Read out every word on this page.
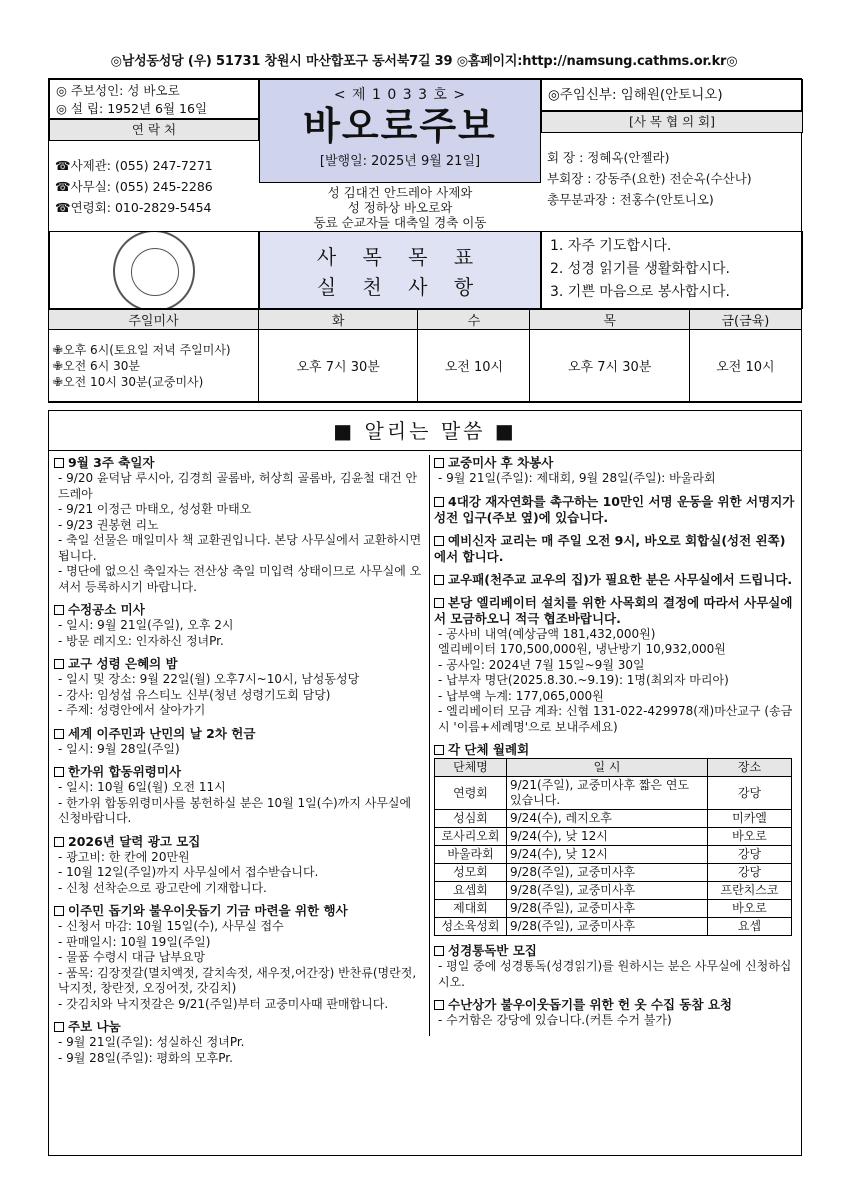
◎남성동성당 (우) 51731 창원시 마산합포구 동서북7길 39 ◎홈페이지:http://namsung.cathms.or.kr◎
◎ 주보성인: 성 바오로
◎ 설 립: 1952년 6월 16일
연 락 처
☎사제관: (055) 247-7271
☎사무실: (055) 245-2286
☎연령회: 010-2829-5454
< 제 1 0 3 3 호 >
바오로주보
[발행일: 2025년 9월 21일]
성 김대건 안드레아 사제와
성 정하상 바오로와
동료 순교자들 대축일 경축 이동
◎주임신부: 임해원(안토니오)
[사 목 협 의 회]
회 장 : 정혜옥(안젤라)
부회장 : 강동주(요한) 전순옥(수산나)
총무분과장 : 전홍수(안토니오)
사 목 목 표
실 천 사 항
1. 자주 기도합시다.
2. 성경 읽기를 생활화합시다.
3. 기쁜 마음으로 봉사합시다.
주일미사	화	수	목	금(금육)

✙오후 6시(토요일 저녁 주일미사)
✙오전 6시 30분
✙오전 10시 30분(교중미사)	오후 7시 30분	오전 10시	오후 7시 30분	오전 10시
■ 알리는 말씀 ■
9월 3주 축일자

- 9/20 윤덕남 루시아, 김경희 골롬바, 허상희 골롬바, 김윤철 대건 안드레아

- 9/21 이정근 마태오, 성성환 마태오

- 9/23 권봉현 리노

- 축일 선물은 매일미사 책 교환권입니다. 본당 사무실에서 교환하시면 됩니다.

- 명단에 없으신 축일자는 전산상 축일 미입력 상태이므로 사무실에 오셔서 등록하시기 바랍니다.

수정공소 미사

- 일시: 9월 21일(주일), 오후 2시

- 방문 레지오: 인자하신 정녀Pr.

교구 성령 은혜의 밤

- 일시 및 장소: 9월 22일(월) 오후7시~10시, 남성동성당

- 강사: 임성섭 유스티노 신부(청년 성령기도회 담당)

- 주제: 성령안에서 살아가기

세계 이주민과 난민의 날 2차 헌금

- 일시: 9월 28일(주일)

한가위 합동위령미사

- 일시: 10월 6일(월) 오전 11시

- 한가위 합동위령미사를 봉헌하실 분은 10월 1일(수)까지 사무실에 신청바랍니다.

2026년 달력 광고 모집

- 광고비: 한 칸에 20만원

- 10월 12일(주일)까지 사무실에서 접수받습니다.

- 신청 선착순으로 광고란에 기재합니다.

이주민 돕기와 불우이웃돕기 기금 마련을 위한 행사

- 신청서 마감: 10월 15일(수), 사무실 접수

- 판매일시: 10월 19일(주일)

- 물품 수령시 대금 납부요망

- 품목: 김장젓갈(멸치액젓, 갈치속젓, 새우젓,어간장) 반찬류(명란젓, 낙지젓, 창란젓, 오징어젓, 갓김치)

- 갓김치와 낙지젓갈은 9/21(주일)부터 교중미사때 판매합니다.

주보 나눔

- 9월 21일(주일): 성실하신 정녀Pr.

- 9월 28일(주일): 평화의 모후Pr.

교중미사 후 차봉사

- 9월 21일(주일): 제대회, 9월 28일(주일): 바울라회

4대강 재자연화를 촉구하는 10만인 서명 운동을 위한 서명지가 성전 입구(주보 옆)에 있습니다.
예비신자 교리는 매 주일 오전 9시, 바오로 회합실(성전 왼쪽)에서 합니다.
교우패(천주교 교우의 집)가 필요한 분은 사무실에서 드립니다.
본당 엘리베이터 설치를 위한 사목회의 결정에 따라서 사무실에서 모금하오니 적극 협조바랍니다.

- 공사비 내역(예상금액 181,432,000원)

엘리베이터 170,500,000원, 냉난방기 10,932,000원

- 공사일: 2024년 7월 15일~9월 30일

- 납부자 명단(2025.8.30.~9.19): 1명(최외자 마리아)

- 납부액 누계: 177,065,000원

- 엘리베이터 모금 계좌: 신협 131-022-429978(재)마산교구 (송금시 '이름+세례명'으로 보내주세요)

각 단체 월례회
단체명	일 시	장소
연령회	9/21(주일), 교중미사후 짧은 연도 있습니다.	강당
성심회	9/24(수), 레지오후	미카엘
로사리오회	9/24(수), 낮 12시	바오로
바울라회	9/24(수), 낮 12시	강당
성모회	9/28(주일), 교중미사후	강당
요셉회	9/28(주일), 교중미사후	프란치스코
제대회	9/28(주일), 교중미사후	바오로
성소육성회	9/28(주일), 교중미사후	요셉
성경통독반 모집

- 평일 중에 성경통독(성경읽기)를 원하시는 분은 사무실에 신청하십시오.

수난상가 불우이웃돕기를 위한 헌 옷 수집 동참 요청

- 수거함은 강당에 있습니다.(커튼 수거 불가)
